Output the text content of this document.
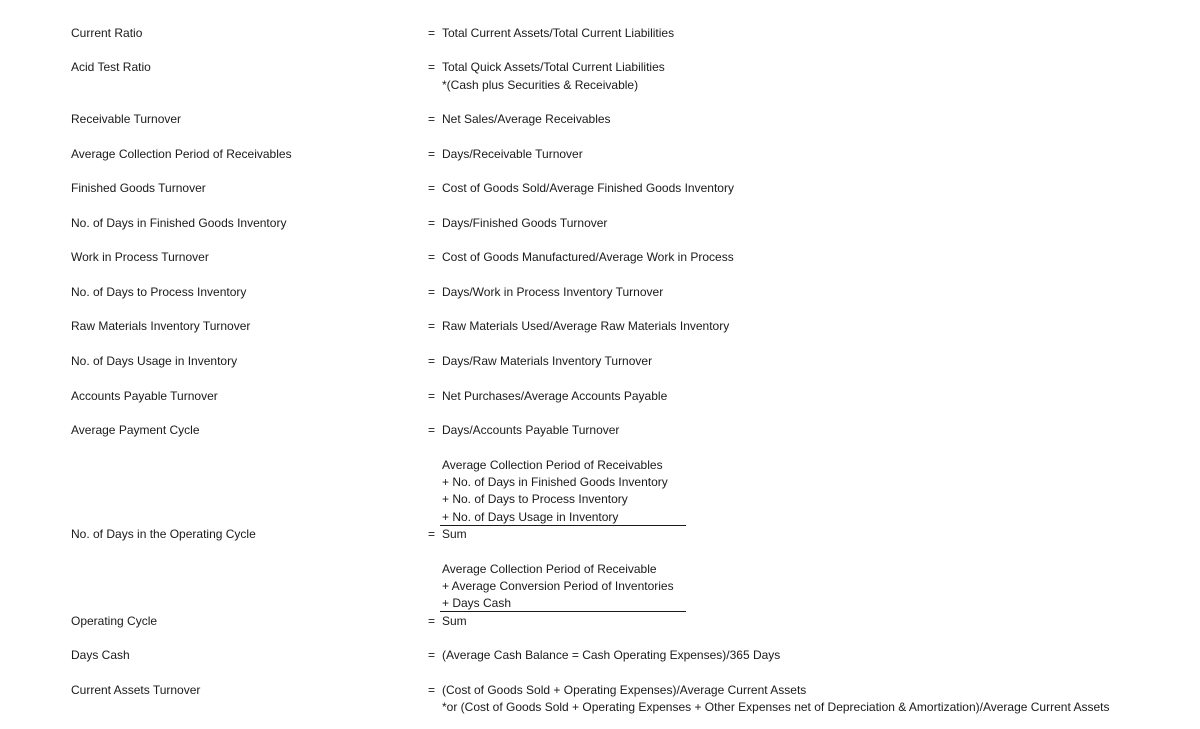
Current Ratio	= Total Current Assets/Total Current Liabilities
Acid Test Ratio	= Total Quick Assets/Total Current Liabilities
*(Cash plus Securities & Receivable)
Receivable Turnover	= Net Sales/Average Receivables
Average Collection Period of Receivables	= Days/Receivable Turnover
Finished Goods Turnover	= Cost of Goods Sold/Average Finished Goods Inventory
No. of Days in Finished Goods Inventory	= Days/Finished Goods Turnover
Work in Process Turnover	= Cost of Goods Manufactured/Average Work in Process
No. of Days to Process Inventory	= Days/Work in Process Inventory Turnover
Raw Materials Inventory Turnover	= Raw Materials Used/Average Raw Materials Inventory
No. of Days Usage in Inventory	= Days/Raw Materials Inventory Turnover
Accounts Payable Turnover	= Net Purchases/Average Accounts Payable
Average Payment Cycle	= Days/Accounts Payable Turnover
Average Collection Period of Receivables
+ No. of Days in Finished Goods Inventory
+ No. of Days to Process Inventory
+ No. of Days Usage in Inventory
No. of Days in the Operating Cycle	= Sum
Average Collection Period of Receivable
+ Average Conversion Period of Inventories
+ Days Cash
Operating Cycle	= Sum
Days Cash	= (Average Cash Balance = Cash Operating Expenses)/365 Days
Current Assets Turnover	= (Cost of Goods Sold + Operating Expenses)/Average Current Assets
*or (Cost of Goods Sold + Operating Expenses + Other Expenses net of Depreciation & Amortization)/Average Current Assets
